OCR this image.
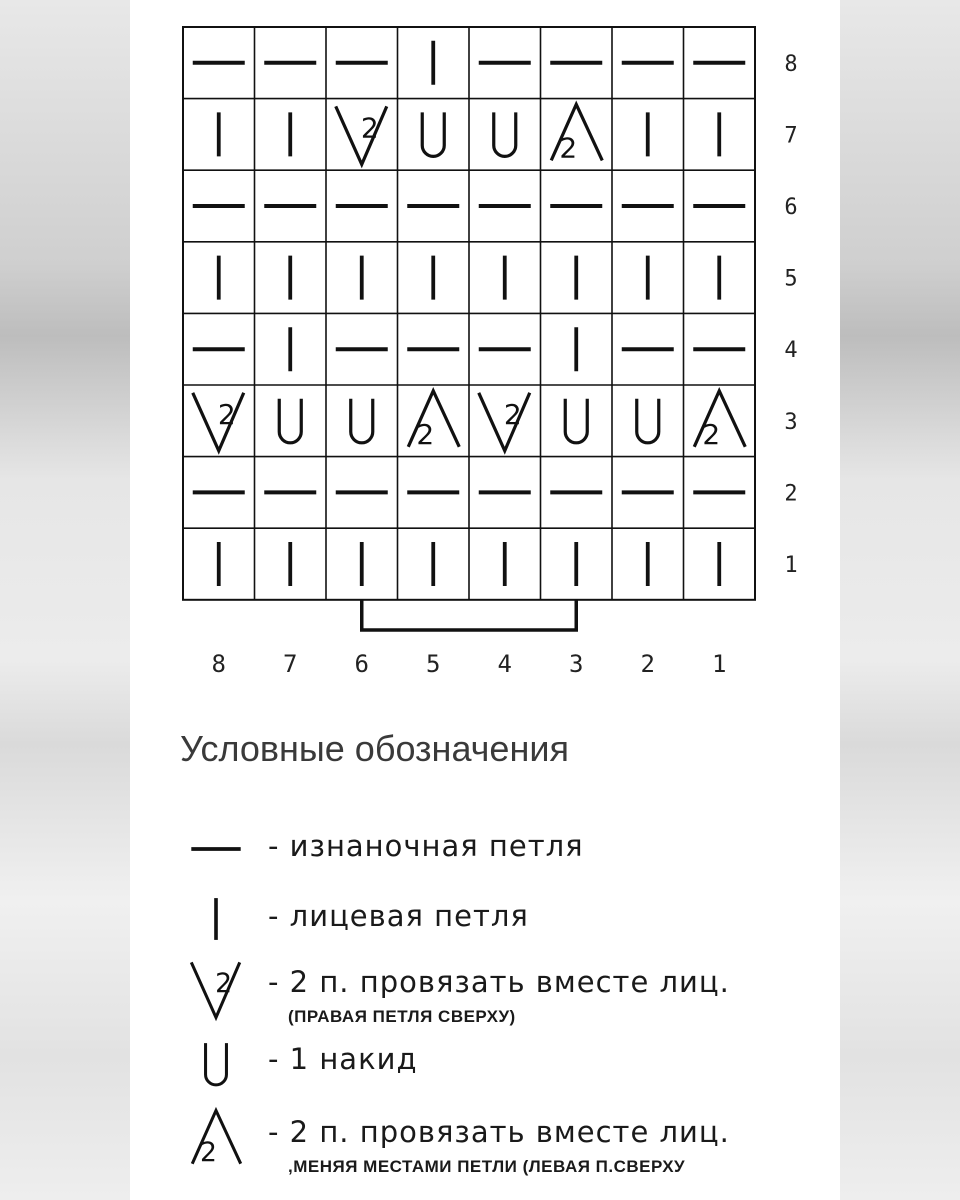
2
2
2
2
2
2
8
7
6
5
4
3
2
1
8 7 6 5 4 3 2 1
Условные обозначения
- изнаночная петля
- лицевая петля
2 - 2 п. провязать вместе лиц.
(ПРАВАЯ ПЕТЛЯ СВЕРХУ)
- 1 накид
2
- 2 п. провязать вместе лиц.
,МЕНЯЯ МЕСТАМИ ПЕТЛИ (ЛЕВАЯ П.СВЕРХУ
